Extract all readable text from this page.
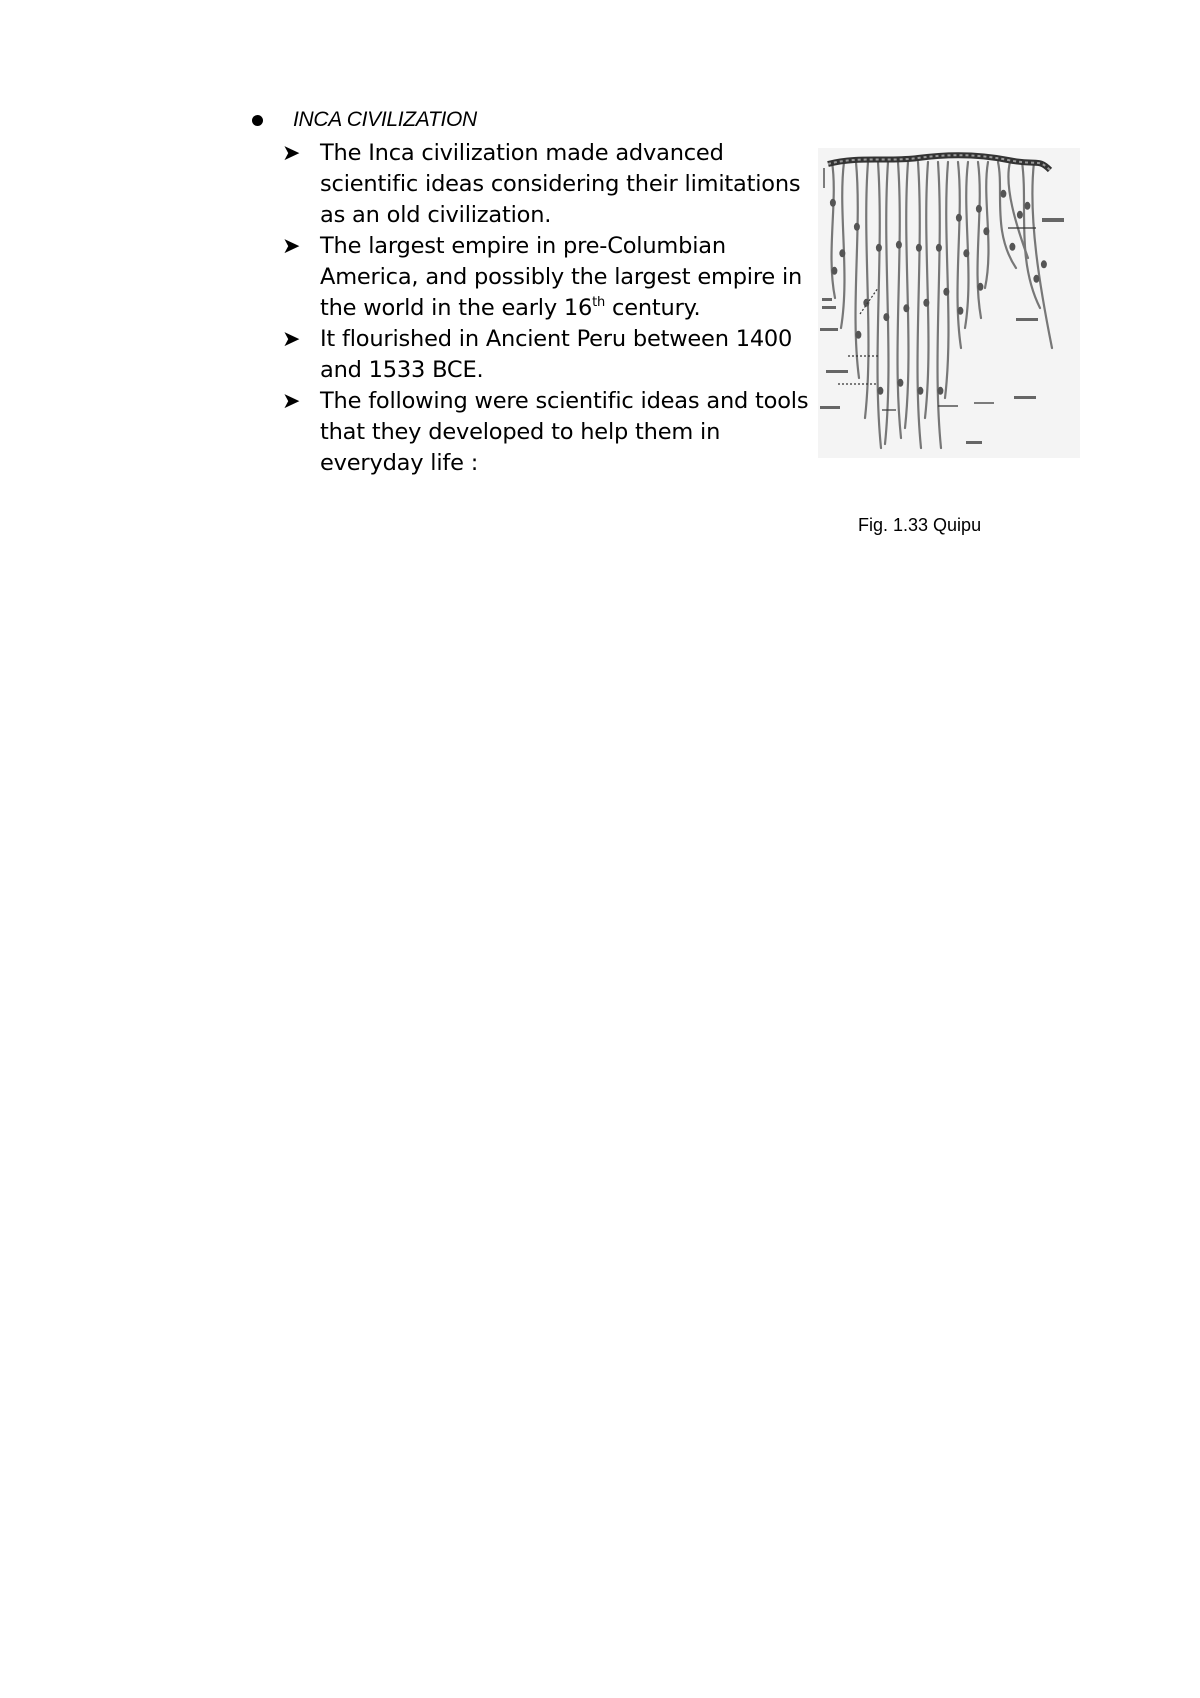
INCA CIVILIZATION
➤ The Inca civilization made advanced scientific ideas considering their limitations as an old civilization.
➤ The largest empire in pre-Columbian America, and possibly the largest empire in the world in the early 16th century.
➤ It flourished in Ancient Peru between 1400 and 1533 BCE.
➤ The following were scientific ideas and tools that they developed to help them in everyday life :
Fig. 1.33 Quipu
